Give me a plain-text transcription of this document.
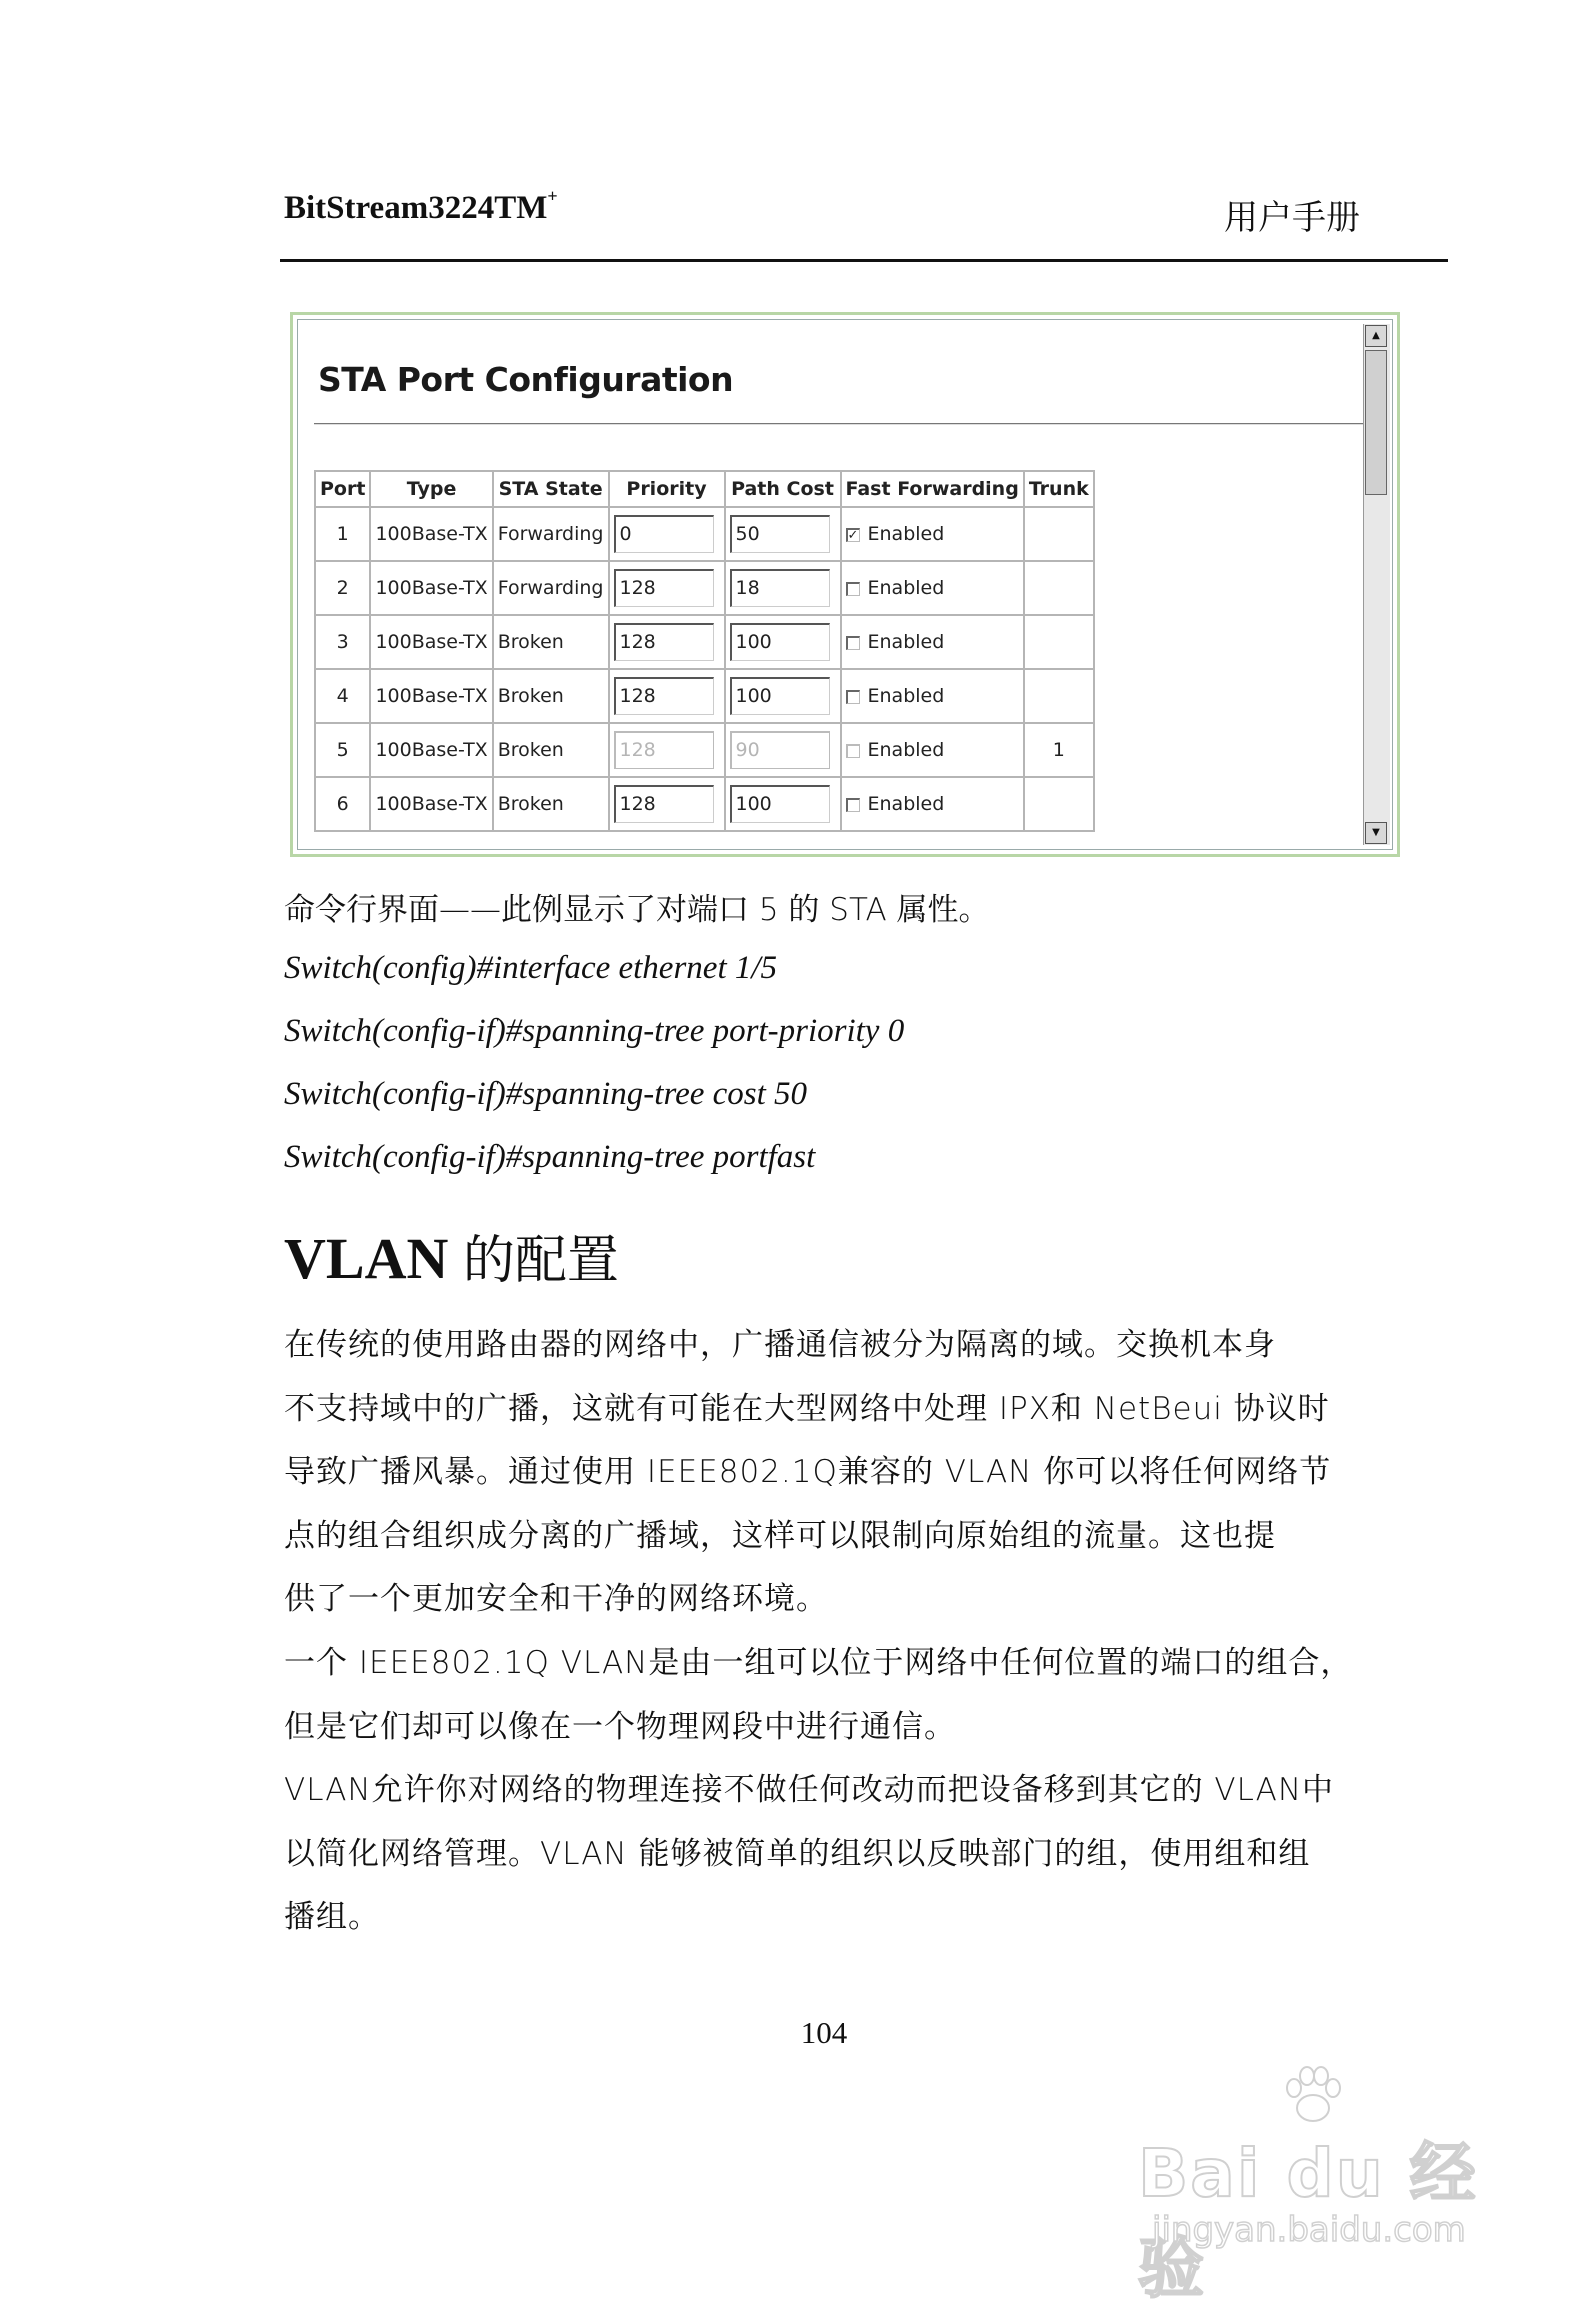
BitStream3224TM+
用户手册
STA Port Configuration
Port	Type	STA State	Priority	Path Cost	Fast Forwarding	Trunk
1	100Base-TX	Forwarding	0	50	✓ Enabled	
2	100Base-TX	Forwarding	128	18	Enabled	
3	100Base-TX	Broken	128	100	Enabled	
4	100Base-TX	Broken	128	100	Enabled	
5	100Base-TX	Broken	128	90	Enabled	1
6	100Base-TX	Broken	128	100	Enabled	
▲
▼
命令行界面——此例显示了对端口 5 的 STA 属性。
Switch(config)#interface ethernet 1/5
Switch(config-if)#spanning-tree port-priority 0
Switch(config-if)#spanning-tree cost 50
Switch(config-if)#spanning-tree portfast
VLAN 的配置
在传统的使用路由器的网络中，广播通信被分为隔离的域。交换机本身
不支持域中的广播，这就有可能在大型网络中处理 IPX和 NetBeui 协议时
导致广播风暴。通过使用 IEEE802.1Q兼容的 VLAN 你可以将任何网络节
点的组合组织成分离的广播域，这样可以限制向原始组的流量。这也提
供了一个更加安全和干净的网络环境。
一个 IEEE802.1Q VLAN是由一组可以位于网络中任何位置的端口的组合，
但是它们却可以像在一个物理网段中进行通信。
VLAN允许你对网络的物理连接不做任何改动而把设备移到其它的 VLAN中
以简化网络管理。VLAN 能够被简单的组织以反映部门的组，使用组和组
播组。
104
Bai du 经验
jingyan.baidu.com
